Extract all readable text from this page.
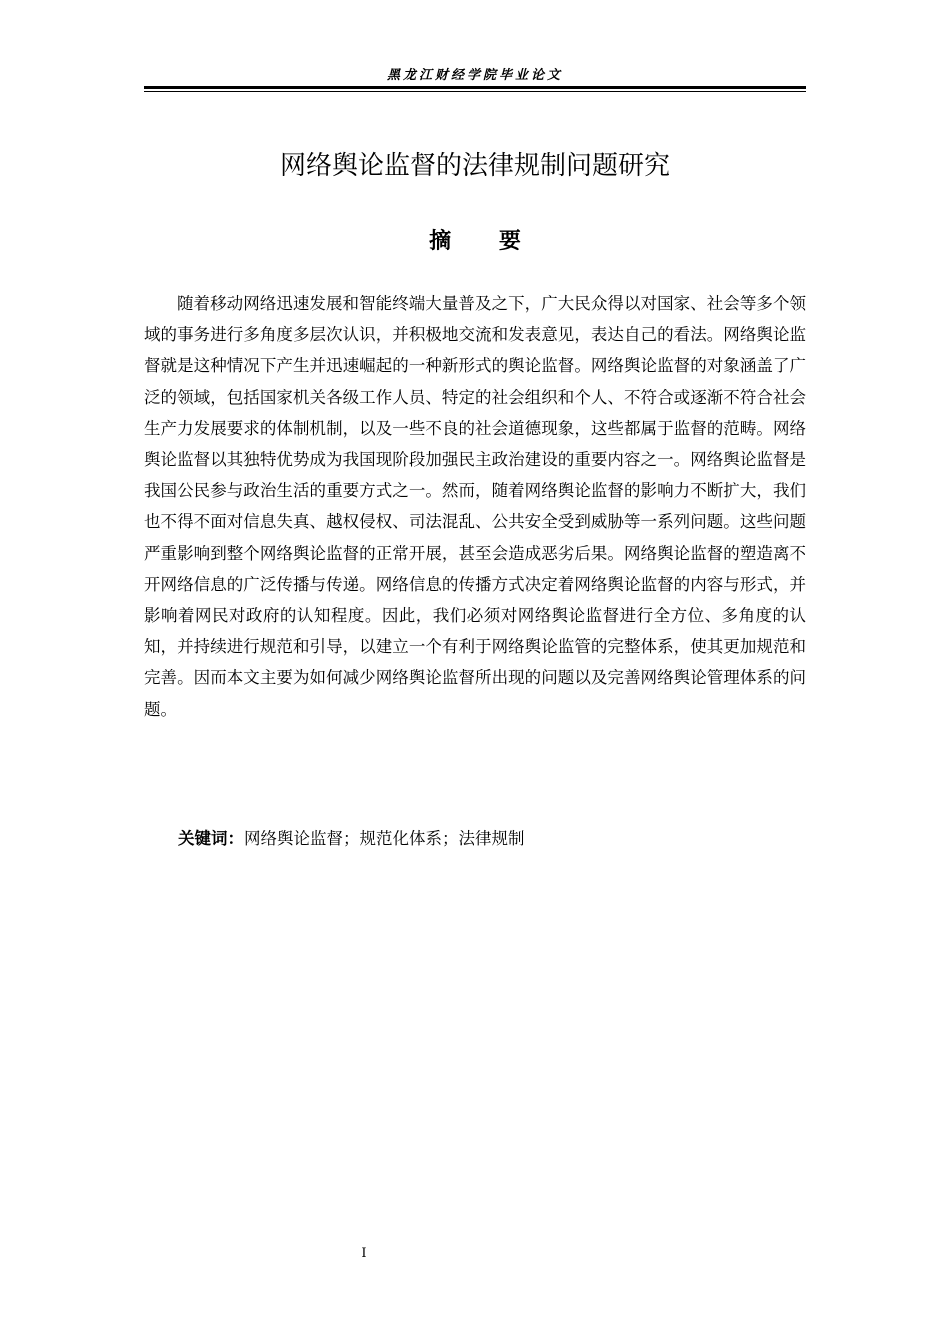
黑龙江财经学院毕业论文
网络舆论监督的法律规制问题研究
摘 要

随着移动网络迅速发展和智能终端大量普及之下，广大民众得以对国家、社会等多个领域的事务进行多角度多层次认识，并积极地交流和发表意见，表达自己的看法。网络舆论监督就是这种情况下产生并迅速崛起的一种新形式的舆论监督。网络舆论监督的对象涵盖了广泛的领域，包括国家机关各级工作人员、特定的社会组织和个人、不符合或逐渐不符合社会生产力发展要求的体制机制，以及一些不良的社会道德现象，这些都属于监督的范畴。网络舆论监督以其独特优势成为我国现阶段加强民主政治建设的重要内容之一。网络舆论监督是我国公民参与政治生活的重要方式之一。然而，随着网络舆论监督的影响力不断扩大，我们也不得不面对信息失真、越权侵权、司法混乱、公共安全受到威胁等一系列问题。这些问题严重影响到整个网络舆论监督的正常开展，甚至会造成恶劣后果。网络舆论监督的塑造离不开网络信息的广泛传播与传递。网络信息的传播方式决定着网络舆论监督的内容与形式，并影响着网民对政府的认知程度。因此，我们必须对网络舆论监督进行全方位、多角度的认知，并持续进行规范和引导，以建立一个有利于网络舆论监管的完整体系，使其更加规范和完善。因而本文主要为如何减少网络舆论监督所出现的问题以及完善网络舆论管理体系的问题。

关键词：网络舆论监督；规范化体系；法律规制
I
